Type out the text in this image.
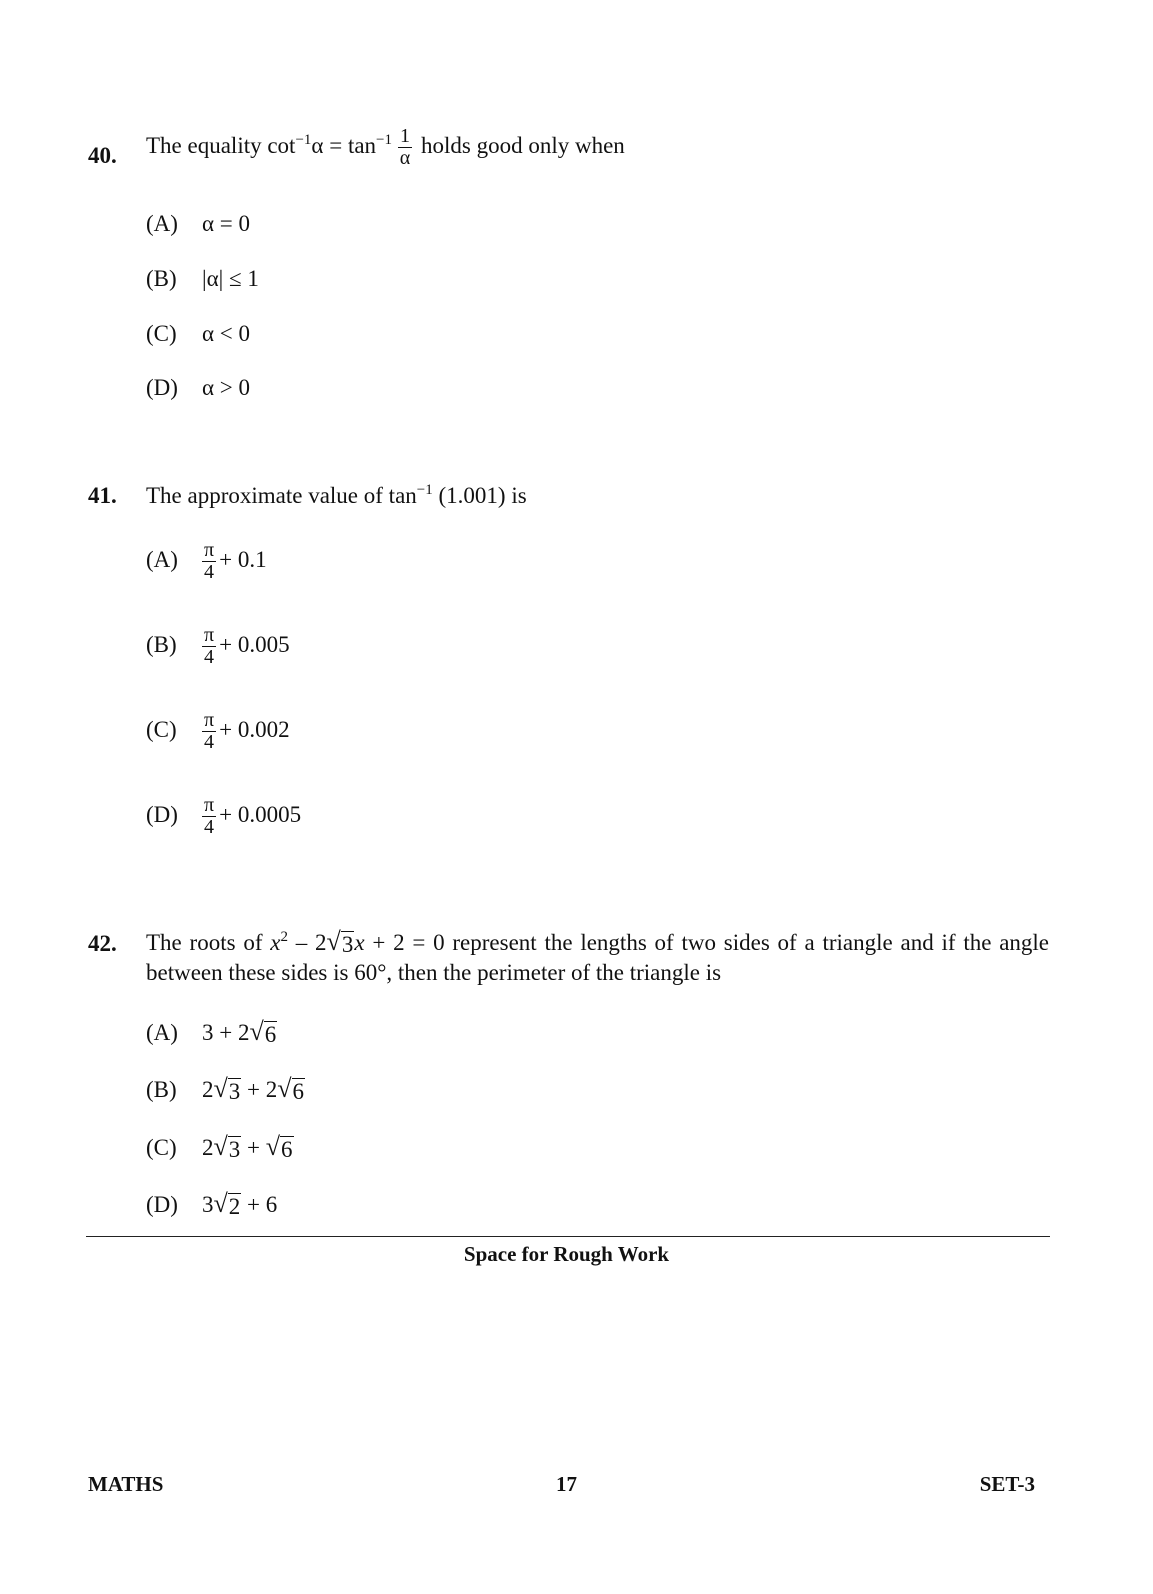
40. The equality $\cot^{-1}\alpha = \tan^{-1} \frac{1}{\alpha}$ holds good only when
(A) α = 0
(B) |α| ≤ 1
(C) α < 0
(D) α > 0
41. The approximate value of $\tan^{-1} (1.001)$ is
$(A) \frac{\pi}{4} + 0.1$
$(B) \frac{\pi}{4} + 0.005$
$(C) \frac{\pi}{4} + 0.002$
$(D) \frac{\pi}{4} + 0.0005$
42. The roots of $x^2 - 2$ √ 3 x + 2 = 0 represent the lengths of two sides of a triangle and if the angle between these sides is 60°, then the perimeter of the triangle is
(A) 3 + 2 √ 6
(B) 2 √ 3 + 2 √ 6
(C) 2 √ 3 + √ 6
(D) 3 √ 2 + 6
Space for Rough Work
MATHS	17	SET-3
